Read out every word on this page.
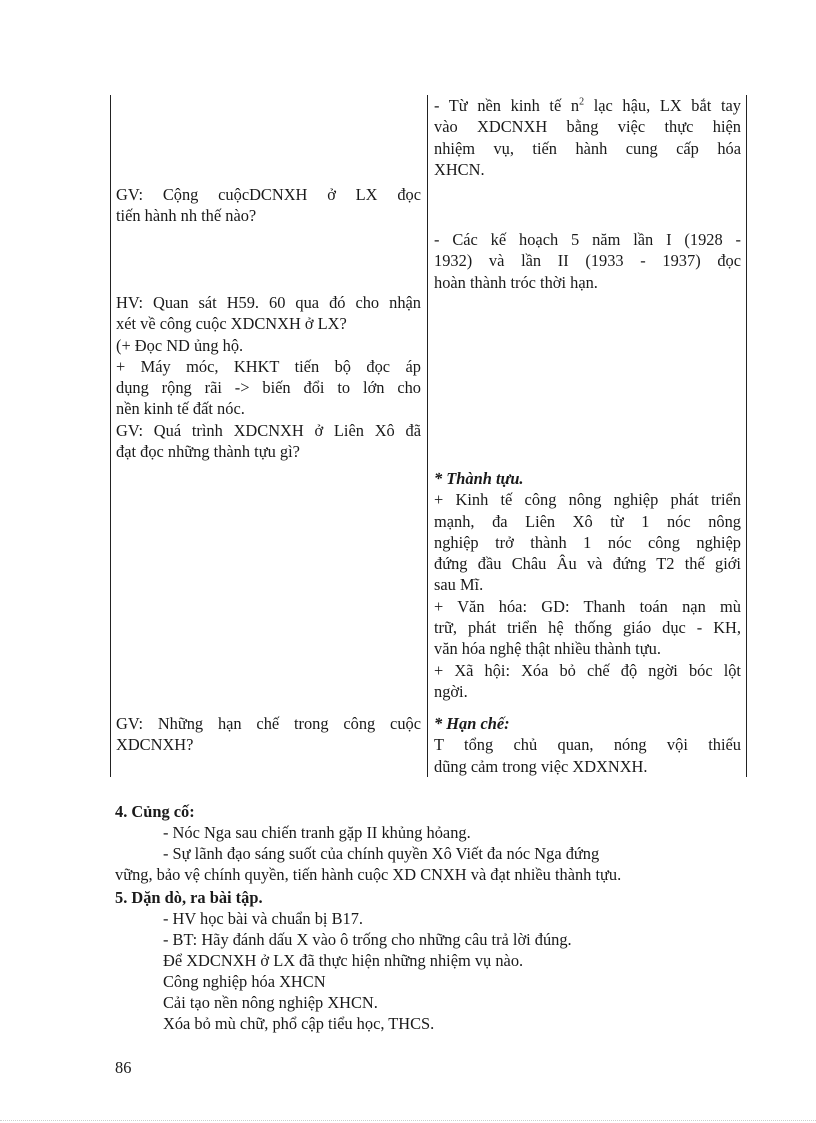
- Từ nền kinh tế $n^2$ lạc hậu, LX bắt tay
vào XDCNXH bằng việc thực hiện
nhiệm vụ, tiến hành cung cấp hóa
XHCN.
GV: Cộng cuộcDCNXH ở LX đọc
tiến hành nh thế nào?
- Các kế hoạch 5 năm lần I (1928 -
1932) và lần II (1933 - 1937) đọc
hoàn thành tróc thời hạn.
HV: Quan sát H59. 60 qua đó cho nhận
xét về công cuộc XDCNXH ở LX?
(+ Đọc ND ủng hộ.
+ Máy móc, KHKT tiến bộ đọc áp
dụng rộng rãi -> biến đổi to lớn cho
nền kinh tế đất nóc.
GV: Quá trình XDCNXH ở Liên Xô đã
đạt đọc những thành tựu gì?
* Thành tựu.
+ Kinh tế công nông nghiệp phát triển
mạnh, đa Liên Xô từ 1 nóc nông
nghiệp trở thành 1 nóc công nghiệp
đứng đầu Châu Âu và đứng T2 thế giới
sau Mĩ.
+ Văn hóa: GD: Thanh toán nạn mù
trữ, phát triển hệ thống giáo dục - KH,
văn hóa nghệ thật nhiều thành tựu.
+ Xã hội: Xóa bỏ chế độ ngời bóc lột
ngời.
GV: Những hạn chế trong công cuộc
XDCNXH?
* Hạn chế:
T tổng chủ quan, nóng vội thiếu
dũng cảm trong việc XDXNXH.
4. Củng cố:
- Nóc Nga sau chiến tranh gặp II khủng hỏang.
- Sự lãnh đạo sáng suốt của chính quyền Xô Viết đa nóc Nga đứng
vững, bảo vệ chính quyền, tiến hành cuộc XD CNXH và đạt nhiều thành tựu.
5. Dặn dò, ra bài tập.
- HV học bài và chuẩn bị B17.
- BT: Hãy đánh dấu X vào ô trống cho những câu trả lời đúng.
Để XDCNXH ở LX đã thực hiện những nhiệm vụ nào.
Công nghiệp hóa XHCN
Cải tạo nền nông nghiệp XHCN.
Xóa bỏ mù chữ, phổ cập tiểu học, THCS.
86
